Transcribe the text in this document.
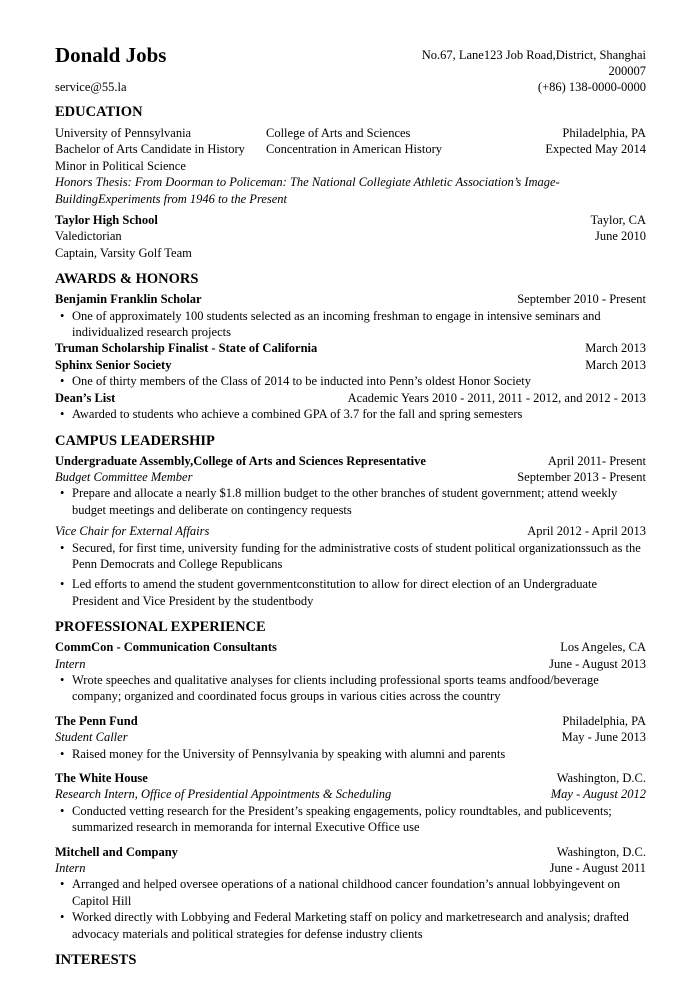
Donald Jobs	No.67, Lane123 Job Road,District, Shanghai
200007
service@55.la	(+86) 138-0000-0000
EDUCATION
University of Pennsylvania	College of Arts and Sciences	Philadelphia, PA
Bachelor of Arts Candidate in History	Concentration in American History	Expected May 2014
Minor in Political Science
Honors Thesis: From Doorman to Policeman: The National Collegiate Athletic Association’s Image-BuildingExperiments from 1946 to the Present
Taylor High School	Taylor, CA
Valedictorian	June 2010
Captain, Varsity Golf Team
AWARDS & HONORS
Benjamin Franklin Scholar	September 2010 - Present
• One of approximately 100 students selected as an incoming freshman to engage in intensive seminars and individualized research projects
Truman Scholarship Finalist - State of California	March 2013
Sphinx Senior Society	March 2013
• One of thirty members of the Class of 2014 to be inducted into Penn’s oldest Honor Society
Dean’s List	Academic Years 2010 - 2011, 2011 - 2012, and 2012 - 2013
• Awarded to students who achieve a combined GPA of 3.7 for the fall and spring semesters
CAMPUS LEADERSHIP
Undergraduate Assembly,College of Arts and Sciences Representative	April 2011- Present
Budget Committee Member	September 2013 - Present
• Prepare and allocate a nearly $1.8 million budget to the other branches of student government; attend weekly budget meetings and deliberate on contingency requests
Vice Chair for External Affairs	April 2012 - April 2013
• Secured, for first time, university funding for the administrative costs of student political organizationssuch as the Penn Democrats and College Republicans
• Led efforts to amend the student governmentconstitution to allow for direct election of an Undergraduate President and Vice President by the studentbody
PROFESSIONAL EXPERIENCE
CommCon - Communication Consultants	Los Angeles, CA
Intern	June - August 2013
• Wrote speeches and qualitative analyses for clients including professional sports teams andfood/beverage company; organized and coordinated focus groups in various cities across the country
The Penn Fund	Philadelphia, PA
Student Caller	May - June 2013
• Raised money for the University of Pennsylvania by speaking with alumni and parents
The White House	Washington, D.C.
Research Intern, Office of Presidential Appointments & Scheduling	May - August 2012
• Conducted vetting research for the President’s speaking engagements, policy roundtables, and publicevents; summarized research in memoranda for internal Executive Office use
Mitchell and Company	Washington, D.C.
Intern	June - August 2011
• Arranged and helped oversee operations of a national childhood cancer foundation’s annual lobbyingevent on Capitol Hill
• Worked directly with Lobbying and Federal Marketing staff on policy and marketresearch and analysis; drafted advocacy materials and political strategies for defense industry clients
INTERESTS
